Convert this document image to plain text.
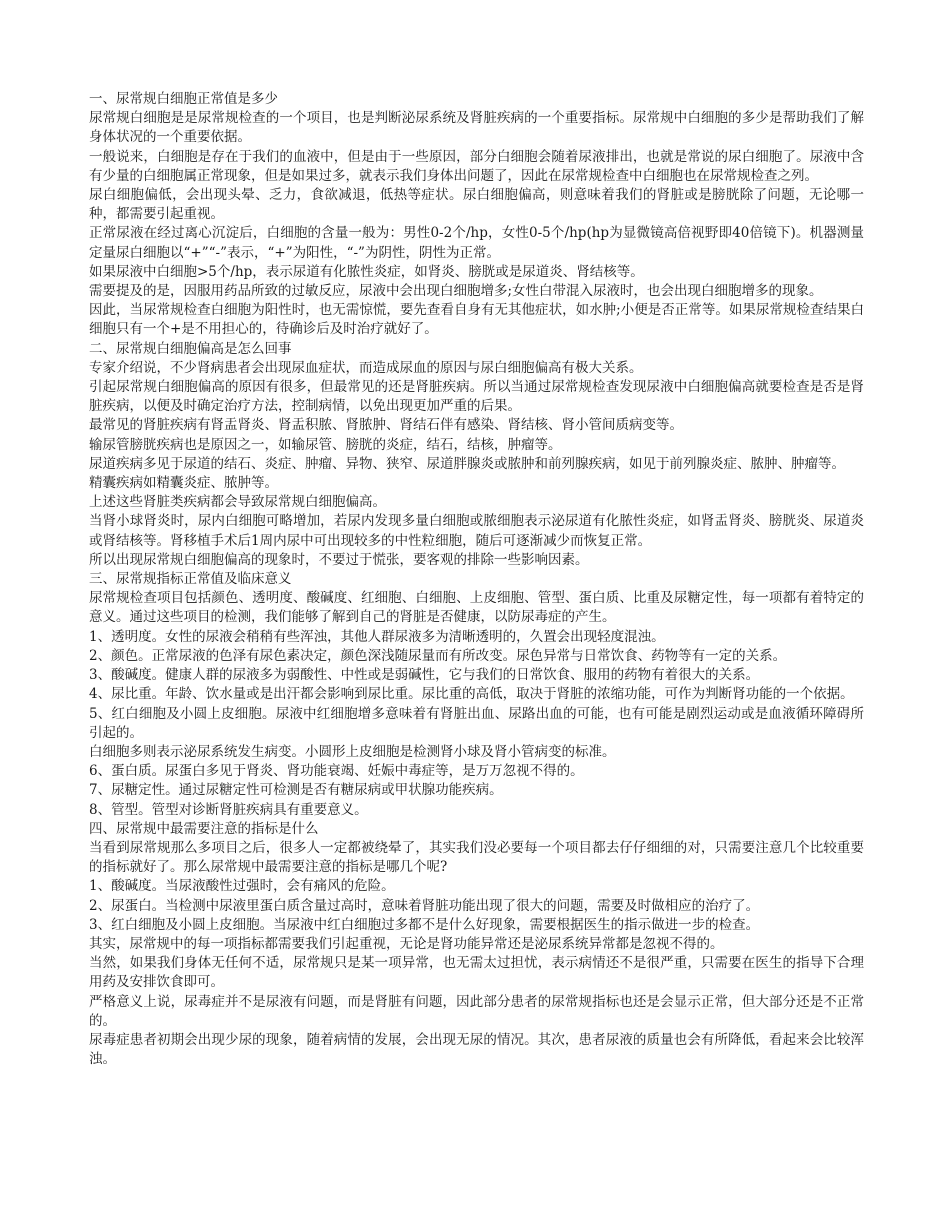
一、尿常规白细胞正常值是多少
尿常规白细胞是是尿常规检查的一个项目，也是判断泌尿系统及肾脏疾病的一个重要指标。尿常规中白细胞的多少是帮助我们了解身体状况的一个重要依据。
一般说来，白细胞是存在于我们的血液中，但是由于一些原因，部分白细胞会随着尿液排出，也就是常说的尿白细胞了。尿液中含有少量的白细胞属正常现象，但是如果过多，就表示我们身体出问题了，因此在尿常规检查中白细胞也在尿常规检查之列。
尿白细胞偏低，会出现头晕、乏力，食欲减退，低热等症状。尿白细胞偏高，则意味着我们的肾脏或是膀胱除了问题，无论哪一种，都需要引起重视。
正常尿液在经过离心沉淀后，白细胞的含量一般为：男性0-2个/hp，女性0-5个/hp(hp为显微镜高倍视野即40倍镜下)。机器测量定量尿白细胞以“+”“-”表示，“+”为阳性，“-”为阴性，阴性为正常。
如果尿液中白细胞>5个/hp，表示尿道有化脓性炎症，如肾炎、膀胱或是尿道炎、肾结核等。
需要提及的是，因服用药品所致的过敏反应，尿液中会出现白细胞增多;女性白带混入尿液时，也会出现白细胞增多的现象。
因此，当尿常规检查白细胞为阳性时，也无需惊慌，要先查看自身有无其他症状，如水肿;小便是否正常等。如果尿常规检查结果白细胞只有一个+是不用担心的，待确诊后及时治疗就好了。
二、尿常规白细胞偏高是怎么回事
专家介绍说，不少肾病患者会出现尿血症状，而造成尿血的原因与尿白细胞偏高有极大关系。
引起尿常规白细胞偏高的原因有很多，但最常见的还是肾脏疾病。所以当通过尿常规检查发现尿液中白细胞偏高就要检查是否是肾脏疾病，以便及时确定治疗方法，控制病情，以免出现更加严重的后果。
最常见的肾脏疾病有肾盂肾炎、肾盂积脓、肾脓肿、肾结石伴有感染、肾结核、肾小管间质病变等。
输尿管膀胱疾病也是原因之一，如输尿管、膀胱的炎症，结石，结核，肿瘤等。
尿道疾病多见于尿道的结石、炎症、肿瘤、异物、狭窄、尿道胖腺炎或脓肿和前列腺疾病，如见于前列腺炎症、脓肿、肿瘤等。
精囊疾病如精囊炎症、脓肿等。
上述这些肾脏类疾病都会导致尿常规白细胞偏高。
当肾小球肾炎时，尿内白细胞可略增加，若尿内发现多量白细胞或脓细胞表示泌尿道有化脓性炎症，如肾盂肾炎、膀胱炎、尿道炎或肾结核等。肾移植手术后1周内尿中可出现较多的中性粒细胞，随后可逐渐减少而恢复正常。
所以出现尿常规白细胞偏高的现象时，不要过于慌张，要客观的排除一些影响因素。
三、尿常规指标正常值及临床意义
尿常规检查项目包括颜色、透明度、酸碱度、红细胞、白细胞、上皮细胞、管型、蛋白质、比重及尿糖定性，每一项都有着特定的意义。通过这些项目的检测，我们能够了解到自己的肾脏是否健康，以防尿毒症的产生。
1、透明度。女性的尿液会稍稍有些浑浊，其他人群尿液多为清晰透明的，久置会出现轻度混浊。
2、颜色。正常尿液的色泽有尿色素决定，颜色深浅随尿量而有所改变。尿色异常与日常饮食、药物等有一定的关系。
3、酸碱度。健康人群的尿液多为弱酸性、中性或是弱碱性，它与我们的日常饮食、服用的药物有着很大的关系。
4、尿比重。年龄、饮水量或是出汗都会影响到尿比重。尿比重的高低，取决于肾脏的浓缩功能，可作为判断肾功能的一个依据。
5、红白细胞及小圆上皮细胞。尿液中红细胞增多意味着有肾脏出血、尿路出血的可能，也有可能是剧烈运动或是血液循环障碍所引起的。
白细胞多则表示泌尿系统发生病变。小圆形上皮细胞是检测肾小球及肾小管病变的标准。
6、蛋白质。尿蛋白多见于肾炎、肾功能衰竭、妊娠中毒症等，是万万忽视不得的。
7、尿糖定性。通过尿糖定性可检测是否有糖尿病或甲状腺功能疾病。
8、管型。管型对诊断肾脏疾病具有重要意义。
四、尿常规中最需要注意的指标是什么
当看到尿常规那么多项目之后，很多人一定都被绕晕了，其实我们没必要每一个项目都去仔仔细细的对，只需要注意几个比较重要的指标就好了。那么尿常规中最需要注意的指标是哪几个呢?
1、酸碱度。当尿液酸性过强时，会有痛风的危险。
2、尿蛋白。当检测中尿液里蛋白质含量过高时，意味着肾脏功能出现了很大的问题，需要及时做相应的治疗了。
3、红白细胞及小圆上皮细胞。当尿液中红白细胞过多都不是什么好现象，需要根据医生的指示做进一步的检查。
其实，尿常规中的每一项指标都需要我们引起重视，无论是肾功能异常还是泌尿系统异常都是忽视不得的。
当然，如果我们身体无任何不适，尿常规只是某一项异常，也无需太过担忧，表示病情还不是很严重，只需要在医生的指导下合理用药及安排饮食即可。
严格意义上说，尿毒症并不是尿液有问题，而是肾脏有问题，因此部分患者的尿常规指标也还是会显示正常，但大部分还是不正常的。
尿毒症患者初期会出现少尿的现象，随着病情的发展，会出现无尿的情况。其次，患者尿液的质量也会有所降低，看起来会比较浑浊。
